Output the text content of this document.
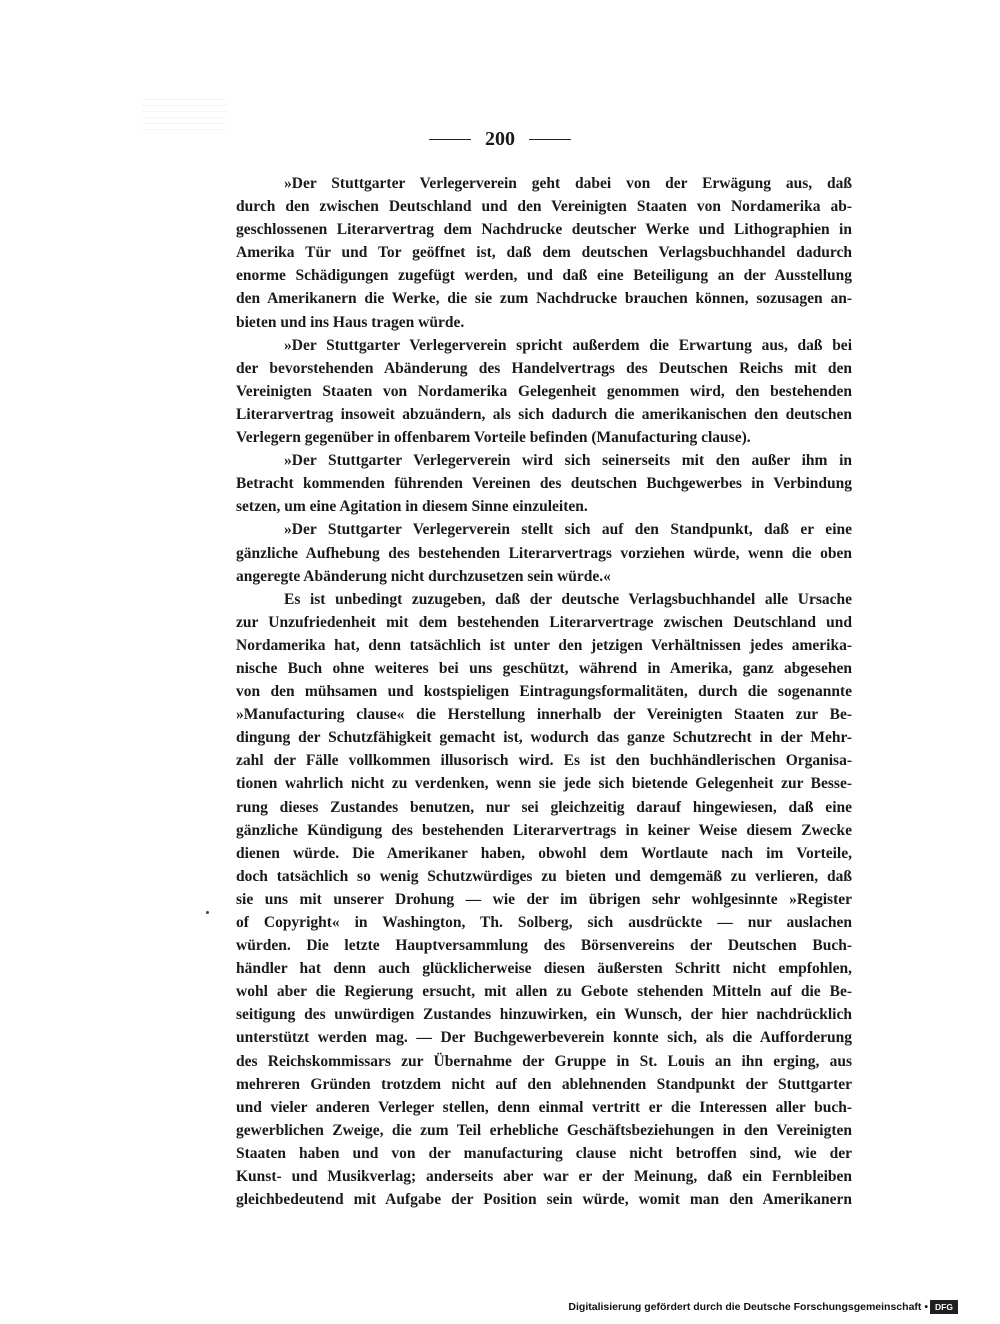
200

»Der Stuttgarter Verlegerverein geht dabei von der Erwägung aus, daß
durch den zwischen Deutschland und den Vereinigten Staaten von Nordamerika ab-
geschlossenen Literarvertrag dem Nachdrucke deutscher Werke und Lithographien in
Amerika Tür und Tor geöffnet ist, daß dem deutschen Verlagsbuchhandel dadurch
enorme Schädigungen zugefügt werden, und daß eine Beteiligung an der Ausstellung
den Amerikanern die Werke, die sie zum Nachdrucke brauchen können, sozusagen an-
bieten und ins Haus tragen würde.

»Der Stuttgarter Verlegerverein spricht außerdem die Erwartung aus, daß bei
der bevorstehenden Abänderung des Handelvertrags des Deutschen Reichs mit den
Vereinigten Staaten von Nordamerika Gelegenheit genommen wird, den bestehenden
Literarvertrag insoweit abzuändern, als sich dadurch die amerikanischen den deutschen
Verlegern gegenüber in offenbarem Vorteile befinden (Manufacturing clause).

»Der Stuttgarter Verlegerverein wird sich seinerseits mit den außer ihm in
Betracht kommenden führenden Vereinen des deutschen Buchgewerbes in Verbindung
setzen, um eine Agitation in diesem Sinne einzuleiten.

»Der Stuttgarter Verlegerverein stellt sich auf den Standpunkt, daß er eine
gänzliche Aufhebung des bestehenden Literarvertrags vorziehen würde, wenn die oben
angeregte Abänderung nicht durchzusetzen sein würde.«

Es ist unbedingt zuzugeben, daß der deutsche Verlagsbuchhandel alle Ursache
zur Unzufriedenheit mit dem bestehenden Literarvertrage zwischen Deutschland und
Nordamerika hat, denn tatsächlich ist unter den jetzigen Verhältnissen jedes amerika-
nische Buch ohne weiteres bei uns geschützt, während in Amerika, ganz abgesehen
von den mühsamen und kostspieligen Eintragungsformalitäten, durch die sogenannte
»Manufacturing clause« die Herstellung innerhalb der Vereinigten Staaten zur Be-
dingung der Schutzfähigkeit gemacht ist, wodurch das ganze Schutzrecht in der Mehr-
zahl der Fälle vollkommen illusorisch wird. Es ist den buchhändlerischen Organisa-
tionen wahrlich nicht zu verdenken, wenn sie jede sich bietende Gelegenheit zur Besse-
rung dieses Zustandes benutzen, nur sei gleichzeitig darauf hingewiesen, daß eine
gänzliche Kündigung des bestehenden Literarvertrags in keiner Weise diesem Zwecke
dienen würde. Die Amerikaner haben, obwohl dem Wortlaute nach im Vorteile,
doch tatsächlich so wenig Schutzwürdiges zu bieten und demgemäß zu verlieren, daß
sie uns mit unserer Drohung — wie der im übrigen sehr wohlgesinnte »Register
of Copyright« in Washington, Th. Solberg, sich ausdrückte — nur auslachen
würden. Die letzte Hauptversammlung des Börsenvereins der Deutschen Buch-
händler hat denn auch glücklicherweise diesen äußersten Schritt nicht empfohlen,
wohl aber die Regierung ersucht, mit allen zu Gebote stehenden Mitteln auf die Be-
seitigung des unwürdigen Zustandes hinzuwirken, ein Wunsch, der hier nachdrücklich
unterstützt werden mag. — Der Buchgewerbeverein konnte sich, als die Aufforderung
des Reichskommissars zur Übernahme der Gruppe in St. Louis an ihn erging, aus
mehreren Gründen trotzdem nicht auf den ablehnenden Standpunkt der Stuttgarter
und vieler anderen Verleger stellen, denn einmal vertritt er die Interessen aller buch-
gewerblichen Zweige, die zum Teil erhebliche Geschäftsbeziehungen in den Vereinigten
Staaten haben und von der manufacturing clause nicht betroffen sind, wie der
Kunst- und Musikverlag; anderseits aber war er der Meinung, daß ein Fernbleiben
gleichbedeutend mit Aufgabe der Position sein würde, womit man den Amerikanern

Digitalisierung gefördert durch die Deutsche Forschungsgemeinschaft • DFG
